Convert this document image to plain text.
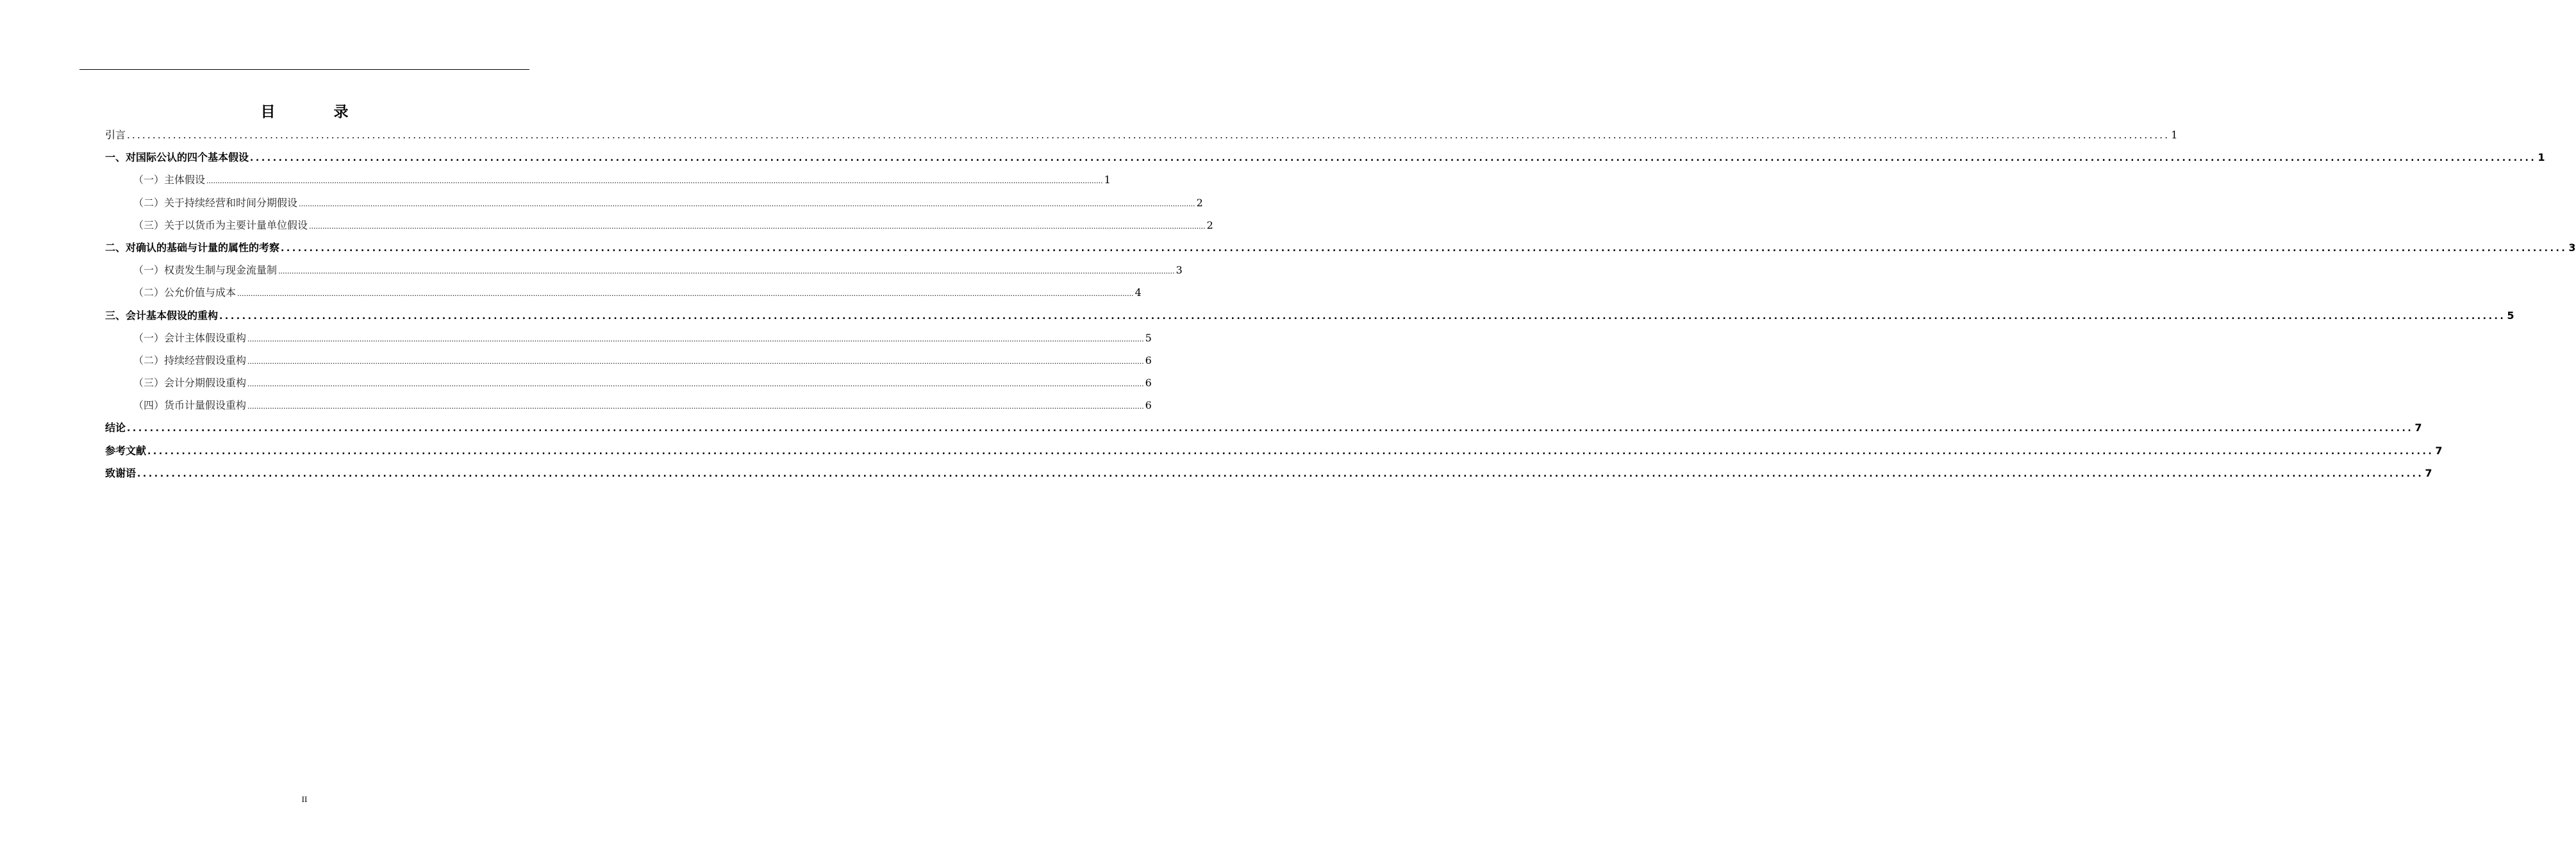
目　录
引言 ................................................................................................................................................................................................................................................................................................................................................................................................................ 1
一、对国际公认的四个基本假设 ................................................................................................................................................................................................................................................................................................................................................................................................................ 1
（一）主体假设 ................................................................................................................................................................................................................................................................................................................................................................................................................ 1
（二）关于持续经营和时间分期假设 ................................................................................................................................................................................................................................................................................................................................................................................................................ 2
（三）关于以货币为主要计量单位假设 ................................................................................................................................................................................................................................................................................................................................................................................................................ 2
二、对确认的基础与计量的属性的考察 ................................................................................................................................................................................................................................................................................................................................................................................................................ 3
（一）权责发生制与现金流量制 ................................................................................................................................................................................................................................................................................................................................................................................................................ 3
（二）公允价值与成本 ................................................................................................................................................................................................................................................................................................................................................................................................................ 4
三、会计基本假设的重构 ................................................................................................................................................................................................................................................................................................................................................................................................................ 5
（一）会计主体假设重构 ................................................................................................................................................................................................................................................................................................................................................................................................................ 5
（二）持续经营假设重构 ................................................................................................................................................................................................................................................................................................................................................................................................................ 6
（三）会计分期假设重构 ................................................................................................................................................................................................................................................................................................................................................................................................................ 6
（四）货币计量假设重构 ................................................................................................................................................................................................................................................................................................................................................................................................................ 6
结论 ................................................................................................................................................................................................................................................................................................................................................................................................................ 7
参考文献 ................................................................................................................................................................................................................................................................................................................................................................................................................ 7
致谢语 ................................................................................................................................................................................................................................................................................................................................................................................................................ 7
II
